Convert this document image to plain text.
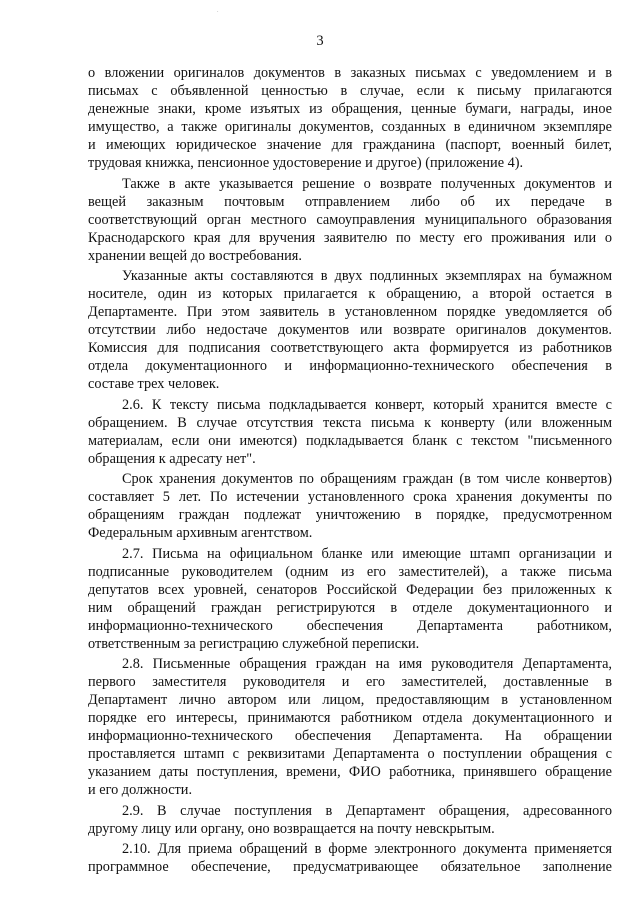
.
3
о вложении оригиналов документов в заказных письмах с уведомлением и в
письмах с объявленной ценностью в случае, если к письму прилагаются
денежные знаки, кроме изъятых из обращения, ценные бумаги, награды, иное
имущество, а также оригиналы документов, созданных в единичном экземпляре
и имеющих юридическое значение для гражданина (паспорт, военный билет,
трудовая книжка, пенсионное удостоверение и другое) (приложение 4).
Также в акте указывается решение о возврате полученных документов и
вещей заказным почтовым отправлением либо об их передаче в
соответствующий орган местного самоуправления муниципального образования
Краснодарского края для вручения заявителю по месту его проживания или о
хранении вещей до востребования.
Указанные акты составляются в двух подлинных экземплярах на бумажном
носителе, один из которых прилагается к обращению, а второй остается в
Департаменте. При этом заявитель в установленном порядке уведомляется об
отсутствии либо недостаче документов или возврате оригиналов документов.
Комиссия для подписания соответствующего акта формируется из работников
отдела документационного и информационно-технического обеспечения в
составе трех человек.
2.6. К тексту письма подкладывается конверт, который хранится вместе с
обращением. В случае отсутствия текста письма к конверту (или вложенным
материалам, если они имеются) подкладывается бланк с текстом "письменного
обращения к адресату нет".
Срок хранения документов по обращениям граждан (в том числе конвертов)
составляет 5 лет. По истечении установленного срока хранения документы по
обращениям граждан подлежат уничтожению в порядке, предусмотренном
Федеральным архивным агентством.
2.7. Письма на официальном бланке или имеющие штамп организации и
подписанные руководителем (одним из его заместителей), а также письма
депутатов всех уровней, сенаторов Российской Федерации без приложенных к
ним обращений граждан регистрируются в отделе документационного и
информационно-технического обеспечения Департамента работником,
ответственным за регистрацию служебной переписки.
2.8. Письменные обращения граждан на имя руководителя Департамента,
первого заместителя руководителя и его заместителей, доставленные в
Департамент лично автором или лицом, предоставляющим в установленном
порядке его интересы, принимаются работником отдела документационного и
информационно-технического обеспечения Департамента. На обращении
проставляется штамп с реквизитами Департамента о поступлении обращения с
указанием даты поступления, времени, ФИО работника, принявшего обращение
и его должности.
2.9. В случае поступления в Департамент обращения, адресованного
другому лицу или органу, оно возвращается на почту невскрытым.
2.10. Для приема обращений в форме электронного документа применяется
программное обеспечение, предусматривающее обязательное заполнение
